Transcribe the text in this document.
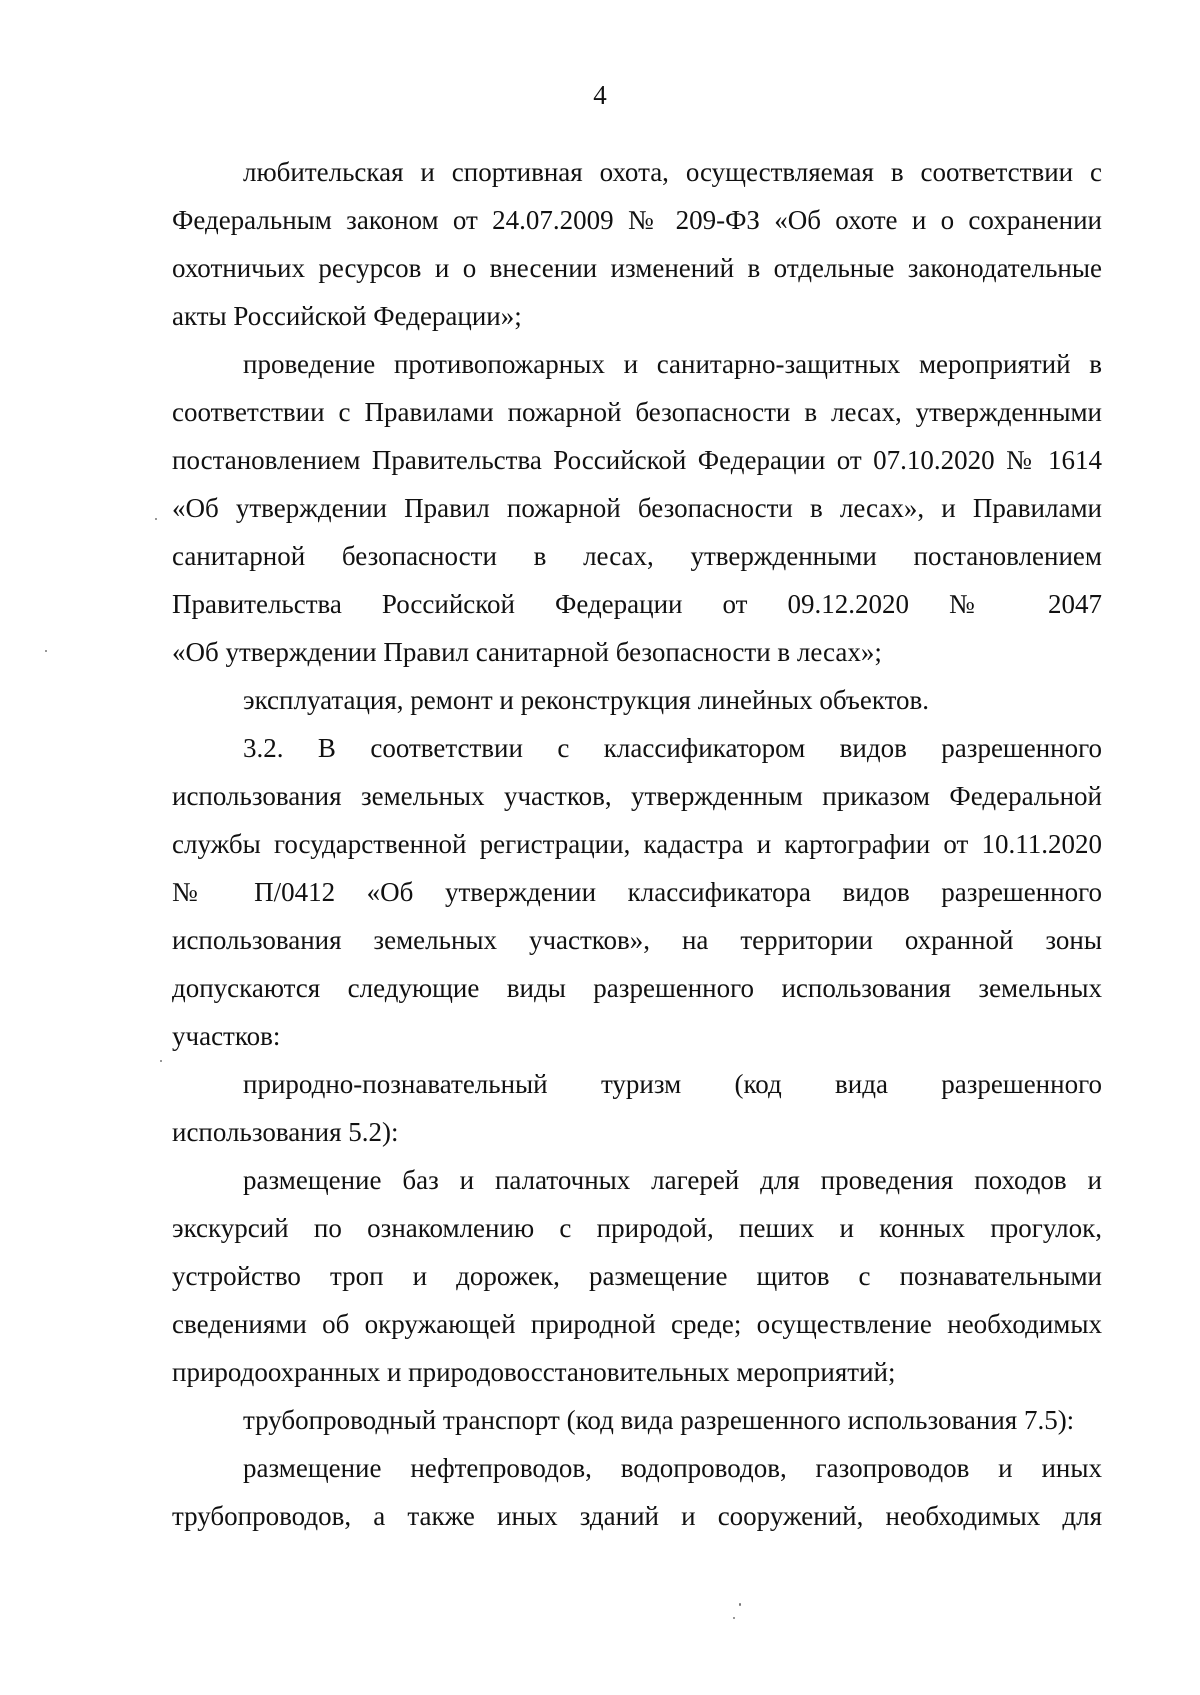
4
любительская и спортивная охота, осуществляемая в соответствии с
Федеральным законом от 24.07.2009 № 209-ФЗ «Об охоте и о сохранении
охотничьих ресурсов и о внесении изменений в отдельные законодательные
акты Российской Федерации»;
проведение противопожарных и санитарно-защитных мероприятий в
соответствии с Правилами пожарной безопасности в лесах, утвержденными
постановлением Правительства Российской Федерации от 07.10.2020 № 1614
«Об утверждении Правил пожарной безопасности в лесах», и Правилами
санитарной безопасности в лесах, утвержденными постановлением
Правительства Российской Федерации от 09.12.2020 № 2047
«Об утверждении Правил санитарной безопасности в лесах»;
эксплуатация, ремонт и реконструкция линейных объектов.
3.2. В соответствии с классификатором видов разрешенного
использования земельных участков, утвержденным приказом Федеральной
службы государственной регистрации, кадастра и картографии от 10.11.2020
№ П/0412 «Об утверждении классификатора видов разрешенного
использования земельных участков», на территории охранной зоны
допускаются следующие виды разрешенного использования земельных
участков:
природно-познавательный туризм (код вида разрешенного
использования 5.2):
размещение баз и палаточных лагерей для проведения походов и
экскурсий по ознакомлению с природой, пеших и конных прогулок,
устройство троп и дорожек, размещение щитов с познавательными
сведениями об окружающей природной среде; осуществление необходимых
природоохранных и природовосстановительных мероприятий;
трубопроводный транспорт (код вида разрешенного использования 7.5):
размещение нефтепроводов, водопроводов, газопроводов и иных
трубопроводов, а также иных зданий и сооружений, необходимых для
